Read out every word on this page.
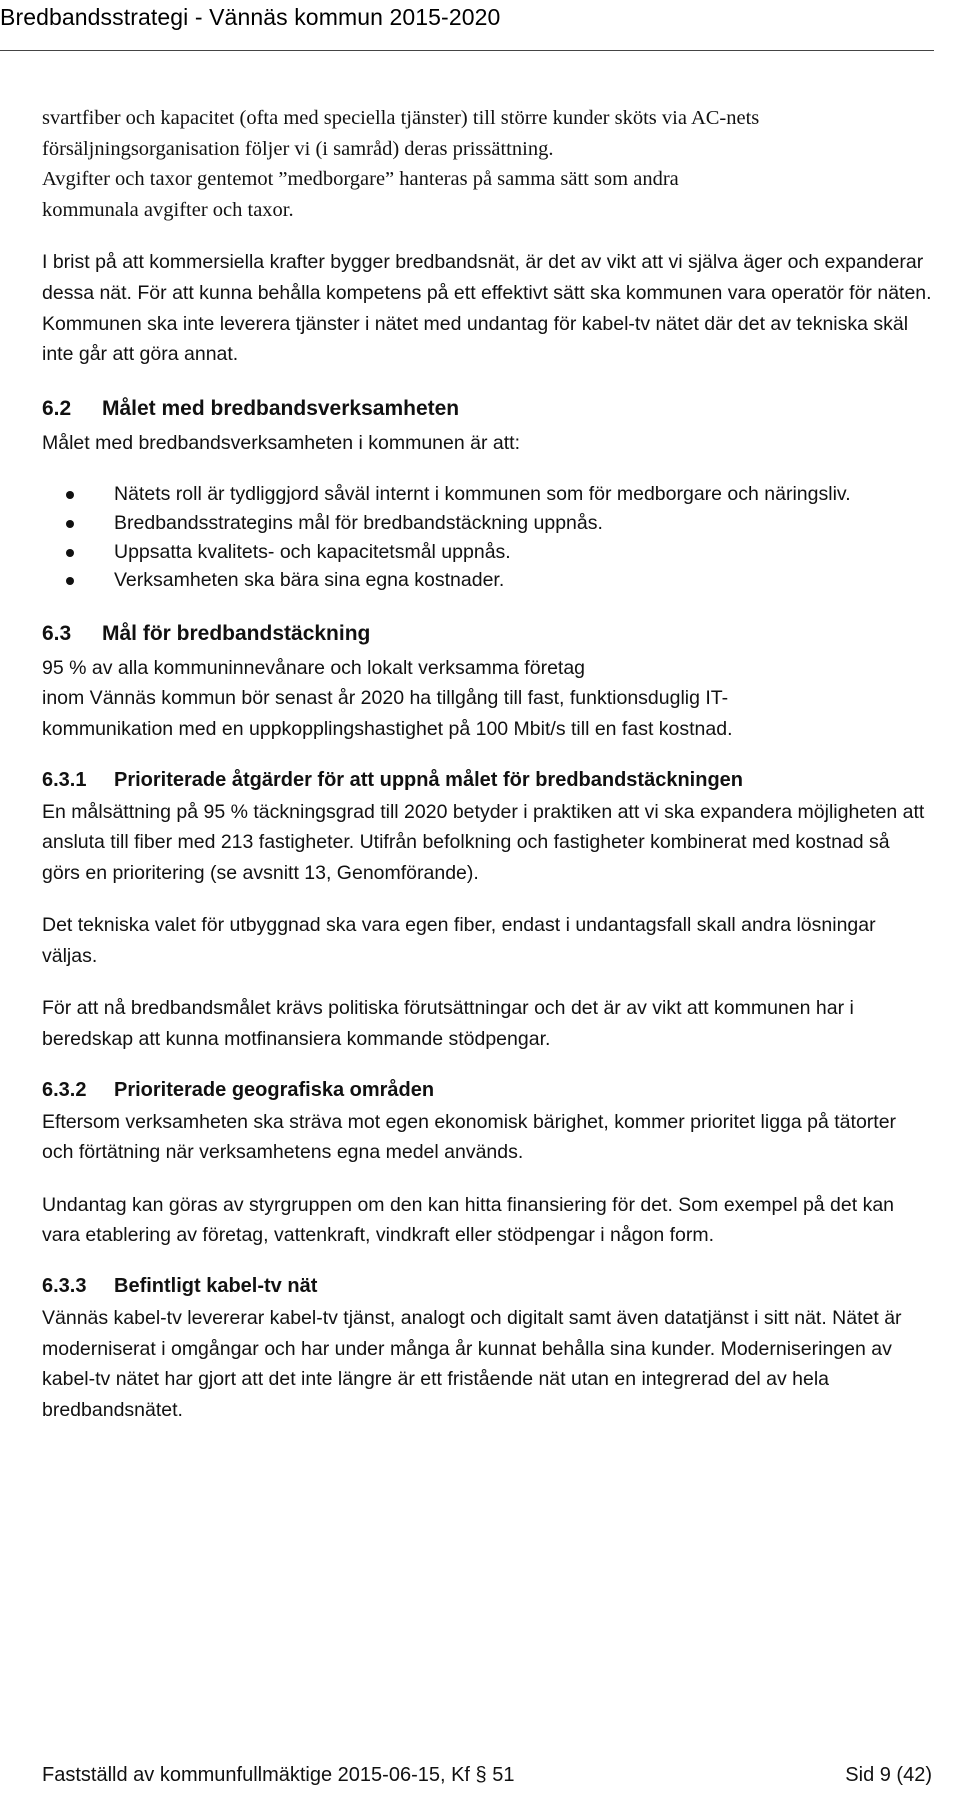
Bredbandsstrategi - Vännäs kommun 2015-2020
svartfiber och kapacitet (ofta med speciella tjänster) till större kunder sköts via AC-nets
försäljningsorganisation följer vi (i samråd) deras prissättning.
Avgifter och taxor gentemot ”medborgare” hanteras på samma sätt som andra
kommunala avgifter och taxor.

I brist på att kommersiella krafter bygger bredbandsnät, är det av vikt att vi själva äger och expanderar dessa nät. För att kunna behålla kompetens på ett effektivt sätt ska kommunen vara operatör för näten. Kommunen ska inte leverera tjänster i nätet med undantag för kabel-tv nätet där det av tekniska skäl inte går att göra annat.

6.2	Målet med bredbandsverksamheten

Målet med bredbandsverksamheten i kommunen är att:

Nätets roll är tydliggjord såväl internt i kommunen som för medborgare och näringsliv.
Bredbandsstrategins mål för bredbandstäckning uppnås.
Uppsatta kvalitets- och kapacitetsmål uppnås.
Verksamheten ska bära sina egna kostnader.
6.3	Mål för bredbandstäckning
95 % av alla kommuninnevånare och lokalt verksamma företag
inom Vännäs kommun bör senast år 2020 ha tillgång till fast, funktionsduglig IT-
kommunikation med en uppkopplingshastighet på 100 Mbit/s till en fast kostnad.
6.3.1	Prioriterade åtgärder för att uppnå målet för bredbandstäckningen

En målsättning på 95 % täckningsgrad till 2020 betyder i praktiken att vi ska expandera möjligheten att ansluta till fiber med 213 fastigheter. Utifrån befolkning och fastigheter kombinerat med kostnad så görs en prioritering (se avsnitt 13, Genomförande).

Det tekniska valet för utbyggnad ska vara egen fiber, endast i undantagsfall skall andra lösningar väljas.

För att nå bredbandsmålet krävs politiska förutsättningar och det är av vikt att kommunen har i beredskap att kunna motfinansiera kommande stödpengar.

6.3.2	Prioriterade geografiska områden

Eftersom verksamheten ska sträva mot egen ekonomisk bärighet, kommer prioritet ligga på tätorter och förtätning när verksamhetens egna medel används.

Undantag kan göras av styrgruppen om den kan hitta finansiering för det. Som exempel på det kan vara etablering av företag, vattenkraft, vindkraft eller stödpengar i någon form.

6.3.3	Befintligt kabel-tv nät

Vännäs kabel-tv levererar kabel-tv tjänst, analogt och digitalt samt även datatjänst i sitt nät. Nätet är moderniserat i omgångar och har under många år kunnat behålla sina kunder. Moderniseringen av kabel-tv nätet har gjort att det inte längre är ett fristående nät utan en integrerad del av hela bredbandsnätet.

Fastställd av kommunfullmäktige 2015-06-15, Kf § 51	Sid 9 (42)
